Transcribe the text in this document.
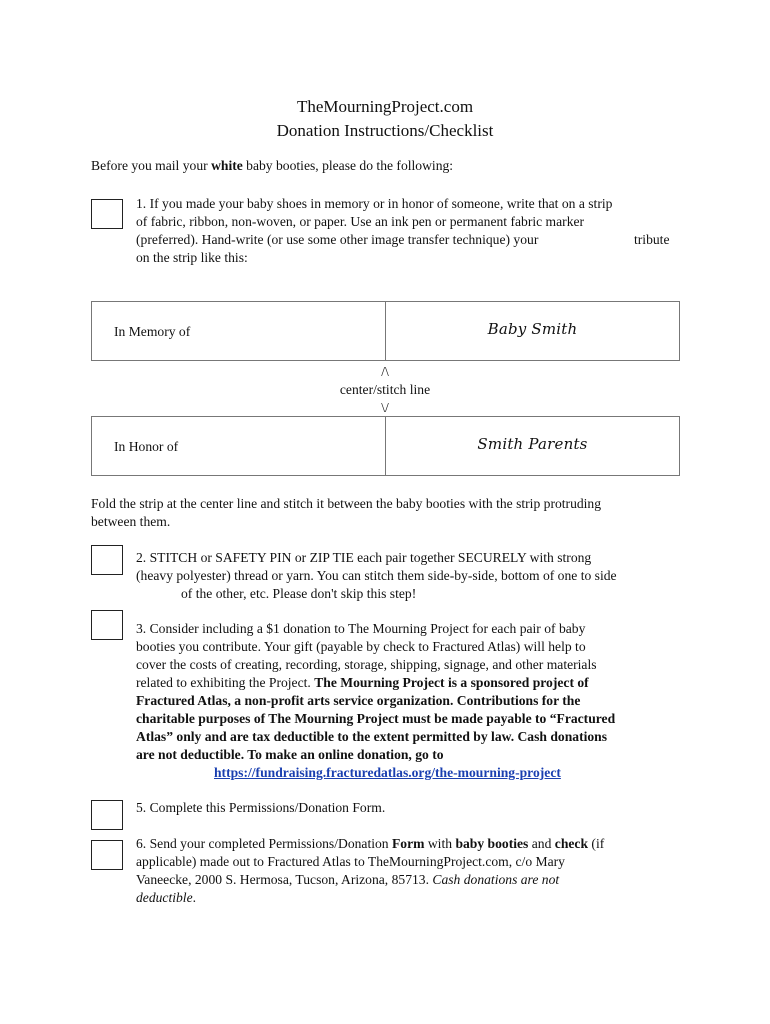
TheMourningProject.com
Donation Instructions/Checklist
Before you mail your white baby booties, please do the following:

1. If you made your baby shoes in memory or in honor of someone, write that on a strip

of fabric, ribbon, non-woven, or paper. Use an ink pen or permanent fabric marker

(preferred). Hand-write (or use some other image transfer technique) your	tribute

on the strip like this:

In Memory of	Baby Smith
/\
center/stitch line
\/
In Honor of	Smith Parents
Fold the strip at the center line and stitch it between the baby booties with the strip protruding
between them.

2. STITCH or SAFETY PIN or ZIP TIE each pair together SECURELY with strong

(heavy polyester) thread or yarn. You can stitch them side-by-side, bottom of one to side

of the other, etc. Please don't skip this step!

3. Consider including a $1 donation to The Mourning Project for each pair of baby

booties you contribute. Your gift (payable by check to Fractured Atlas) will help to

cover the costs of creating, recording, storage, shipping, signage, and other materials

related to exhibiting the Project. The Mourning Project is a sponsored project of

Fractured Atlas, a non-profit arts service organization. Contributions for the

charitable purposes of The Mourning Project must be made payable to “Fractured

Atlas” only and are tax deductible to the extent permitted by law. Cash donations

are not deductible. To make an online donation, go to

https://fundraising.fracturedatlas.org/the-mourning-project

5. Complete this Permissions/Donation Form.

6. Send your completed Permissions/Donation Form with baby booties and check (if

applicable) made out to Fractured Atlas to TheMourningProject.com, c/o Mary

Vaneecke, 2000 S. Hermosa, Tucson, Arizona, 85713. Cash donations are not

deductible.
